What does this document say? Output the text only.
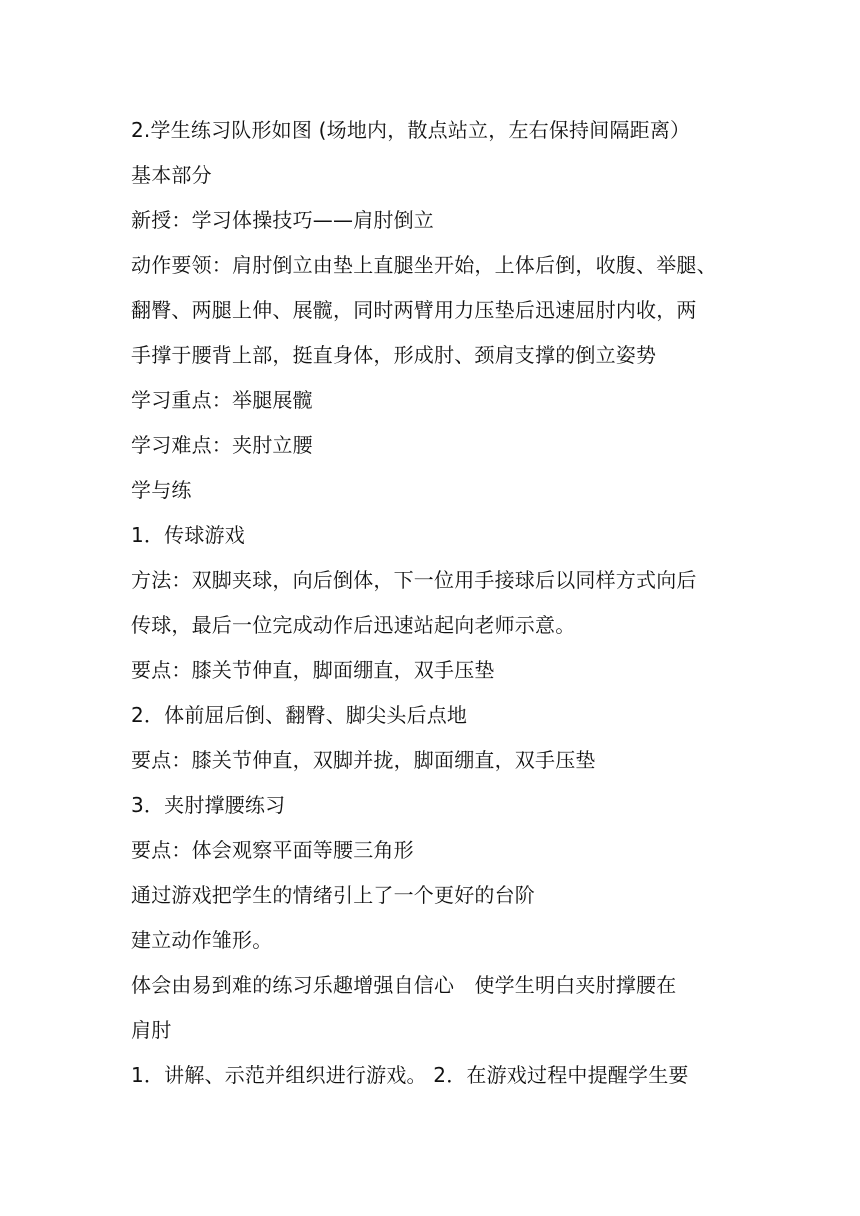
2.学生练习队形如图 (场地内，散点站立，左右保持间隔距离）
基本部分
新授：学习体操技巧——肩肘倒立
动作要领：肩肘倒立由垫上直腿坐开始，上体后倒，收腹、举腿、
翻臀、两腿上伸、展髋，同时两臂用力压垫后迅速屈肘内收，两
手撑于腰背上部，挺直身体，形成肘、颈肩支撑的倒立姿势
学习重点：举腿展髋
学习难点：夹肘立腰
学与练
1．传球游戏
方法：双脚夹球，向后倒体，下一位用手接球后以同样方式向后
传球，最后一位完成动作后迅速站起向老师示意。
要点：膝关节伸直，脚面绷直，双手压垫
2．体前屈后倒、翻臀、脚尖头后点地
要点：膝关节伸直，双脚并拢，脚面绷直，双手压垫
3．夹肘撑腰练习
要点：体会观察平面等腰三角形
通过游戏把学生的情绪引上了一个更好的台阶
建立动作雏形。
体会由易到难的练习乐趣增强自信心　使学生明白夹肘撑腰在
肩肘
1．讲解、示范并组织进行游戏。 2．在游戏过程中提醒学生要
